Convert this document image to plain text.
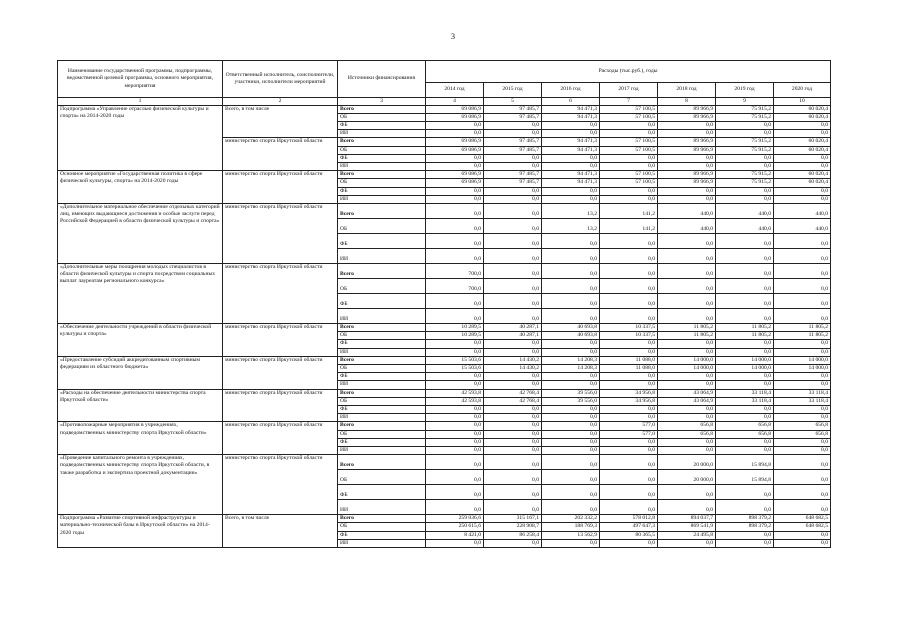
3
Наименование государственной программы, подпрограммы, ведомственной целевой программы, основного мероприятия, мероприятия	Ответственный исполнитель, соисполнители, участники, исполнители мероприятий	Источники финансирования	Расходы (тыс.руб.), годы						
			2014 год	2015 год	2016 год	2017 год	2018 год	2019 год	2020 год
1	2	3	4	5	6	7	8	9	10
Подпрограмма «Управление отраслью физической культуры и спорта» на 2014-2020 годы	Всего, в том числе	Всего	69 086,9	97 485,7	94 471,3	57 100,5	89 966,9	75 915,2	60 020,4
		ОБ	69 086,9	97 485,7	94 471,3	57 100,5	89 966,9	75 915,2	60 020,4
		ФБ	0,0	0,0	0,0	0,0	0,0	0,0	0,0
		ИИ	0,0	0,0	0,0	0,0	0,0	0,0	0,0
	министерство спорта Иркутской области	Всего	69 086,9	97 485,7	94 471,3	57 100,5	89 966,9	75 915,2	60 020,4
		ОБ	69 086,9	97 485,7	94 471,3	57 100,5	89 966,9	75 915,2	60 020,4
		ФБ	0,0	0,0	0,0	0,0	0,0	0,0	0,0
		ИИ	0,0	0,0	0,0	0,0	0,0	0,0	0,0
Основное мероприятие «Государственная политика в сфере физической культуры, спорта» на 2014-2020 годы	министерство спорта Иркутской области	Всего	69 086,9	97 485,7	94 471,3	57 100,5	89 966,9	75 915,2	60 020,4
		ОБ	69 086,9	97 485,7	94 471,3	57 100,5	89 966,9	75 915,2	60 020,4
		ФБ	0,0	0,0	0,0	0,0	0,0	0,0	0,0
		ИИ	0,0	0,0	0,0	0,0	0,0	0,0	0,0
«Дополнительное материальное обеспечение отдельных категорий лиц, имеющих выдающиеся достижения и особые заслуги перед Российской Федерацией в области физической культуры и спорта»	министерство спорта Иркутской области	Всего	0,0	0,0	13,2	141,2	440,0	440,0	440,0
		ОБ	0,0	0,0	13,2	141,2	440,0	440,0	440,0
		ФБ	0,0	0,0	0,0	0,0	0,0	0,0	0,0
		ИИ	0,0	0,0	0,0	0,0	0,0	0,0	0,0
«Дополнительные меры поощрения молодых специалистов в области физической культуры и спорта посредством социальных выплат лауреатам регионального конкурса»	министерство спорта Иркутской области	Всего	700,0	0,0	0,0	0,0	0,0	0,0	0,0
		ОБ	700,0	0,0	0,0	0,0	0,0	0,0	0,0
		ФБ	0,0	0,0	0,0	0,0	0,0	0,0	0,0
		ИИ	0,0	0,0	0,0	0,0	0,0	0,0	0,0
«Обеспечение деятельности учреждений в области физической культуры и спорта»	министерство спорта Иркутской области	Всего	10 289,5	40 287,1	40 693,8	10 337,5	11 805,2	11 805,2	11 805,2
		ОБ	10 289,5	40 287,1	40 693,8	10 337,5	11 805,2	11 805,2	11 805,2
		ФБ	0,0	0,0	0,0	0,0	0,0	0,0	0,0
		ИИ	0,0	0,0	0,0	0,0	0,0	0,0	0,0
«Предоставление субсидий аккредитованным спортивным федерациям из областного бюджета»	министерство спорта Иркутской области	Всего	15 503,6	14 430,2	14 208,3	11 088,0	14 000,0	14 000,0	14 000,0
		ОБ	15 503,6	14 430,2	14 208,3	11 088,0	14 000,0	14 000,0	14 000,0
		ФБ	0,0	0,0	0,0	0,0	0,0	0,0	0,0
		ИИ	0,0	0,0	0,0	0,0	0,0	0,0	0,0
«Расходы на обеспечение деятельности министерства спорта Иркутской области»	министерство спорта Иркутской области	Всего	42 593,8	42 768,4	39 556,0	34 956,8	43 064,9	33 118,4	33 118,4
		ОБ	42 593,8	42 768,4	39 556,0	34 956,8	43 064,9	33 118,4	33 118,4
		ФБ	0,0	0,0	0,0	0,0	0,0	0,0	0,0
		ИИ	0,0	0,0	0,0	0,0	0,0	0,0	0,0
«Противопожарные мероприятия в учреждениях, подведомственных министерству спорта Иркутской области»	министерство спорта Иркутской области	Всего	0,0	0,0	0,0	577,0	656,8	656,8	656,8
		ОБ	0,0	0,0	0,0	577,0	656,8	656,8	656,8
		ФБ	0,0	0,0	0,0	0,0	0,0	0,0	0,0
		ИИ	0,0	0,0	0,0	0,0	0,0	0,0	0,0
«Проведение капитального ремонта в учреждениях, подведомственных министерству спорта Иркутской области, в также разработка и экспертиза проектной документации»	министерство спорта Иркутской области	Всего	0,0	0,0	0,0	0,0	20 000,0	15 894,8	0,0
		ОБ	0,0	0,0	0,0	0,0	20 000,0	15 894,8	0,0
		ФБ	0,0	0,0	0,0	0,0	0,0	0,0	0,0
		ИИ	0,0	0,0	0,0	0,0	0,0	0,0	0,0
Подпрограмма «Развитие спортивной инфраструктуры и материально-технической базы в Иркутской области» на 2014-2020 годы	Всего, в том числе	Всего	259 036,6	315 167,1	202 332,2	578 012,8	894 037,7	898 379,2	648 682,5
		ОБ	250 615,6	228 908,7	188 769,3	497 647,3	869 541,9	898 379,2	648 682,5
		ФБ	8 421,0	86 258,4	13 562,9	80 365,5	24 495,8	0,0	0,0
		ИИ	0,0	0,0	0,0	0,0	0,0	0,0	0,0
